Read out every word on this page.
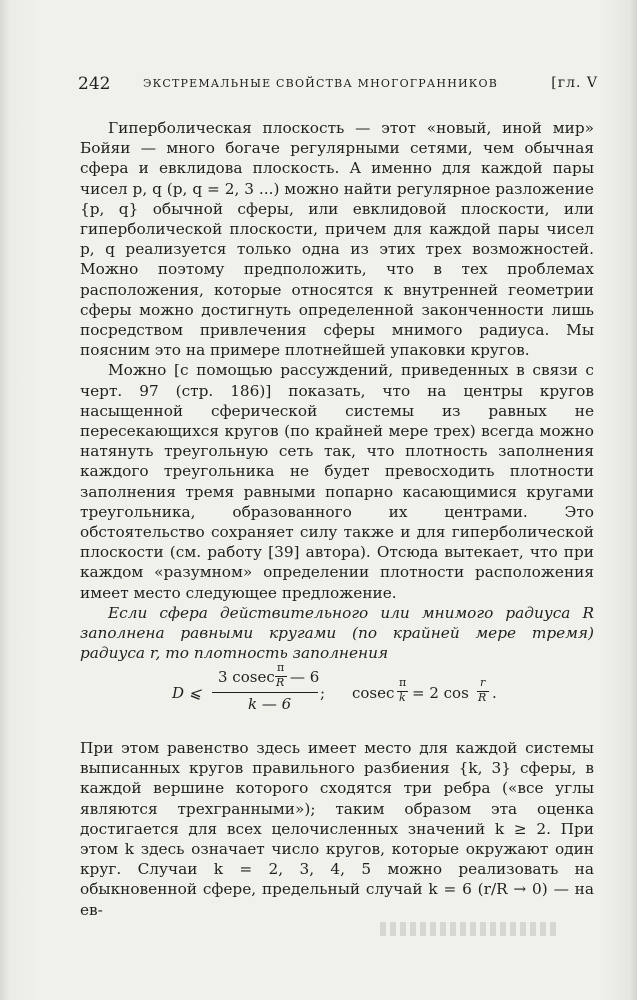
242	ЭКСТРЕМАЛЬНЫЕ СВОЙСТВА МНОГОГРАННИКОВ	[гл. V

Гиперболическая плоскость — этот «новый, иной мир» Бойяи — много богаче регулярными сетями, чем обычная сфера и евклидова плоскость. А именно для каждой пары чисел p, q (p, q = 2, 3 ...) можно найти регулярное разложение {p, q} обычной сферы, или евклидовой плоскости, или гиперболической плоскости, причем для каждой пары чисел p, q реализуется только одна из этих трех возможностей. Можно поэтому предположить, что в тех проблемах расположения, которые относятся к внутренней геометрии сферы можно достигнуть определенной законченности лишь посредством привлечения сферы мнимого радиуса. Мы поясним это на примере плотнейшей упаковки кругов.

Можно [с помощью рассуждений, приведенных в связи с черт. 97 (стр. 186)] показать, что на центры кругов насыщенной сферической системы из равных не пересекающихся кругов (по крайней мере трех) всегда можно натянуть треугольную сеть так, что плотность заполнения каждого треугольника не будет превосходить плотности заполнения тремя равными попарно касающимися кругами треугольника, образованного их центрами. Это обстоятельство сохраняет силу также и для гиперболической плоскости (см. работу [39] автора). Отсюда вытекает, что при каждом «разумном» определении плотности расположения имеет место следующее предложение.

Если сфера действительного или мнимого радиуса R заполнена равными кругами (по крайней мере тремя) радиуса r, то плотность заполнения

D ⩽
3 cosec
π
R — 6
k — 6
; cosec
π
k = 2 cos
r
R .

При этом равенство здесь имеет место для каждой системы выписанных кругов правильного разбиения {k, 3} сферы, в каждой вершине которого сходятся три ребра («все углы являются трехгранными»); таким образом эта оценка достигается для всех целочисленных значений k ≥ 2. При этом k здесь означает число кругов, которые окружают один круг. Случаи k = 2, 3, 4, 5 можно реализовать на обыкновенной сфере, предельный случай k = 6 (r/R → 0) — на ев-
